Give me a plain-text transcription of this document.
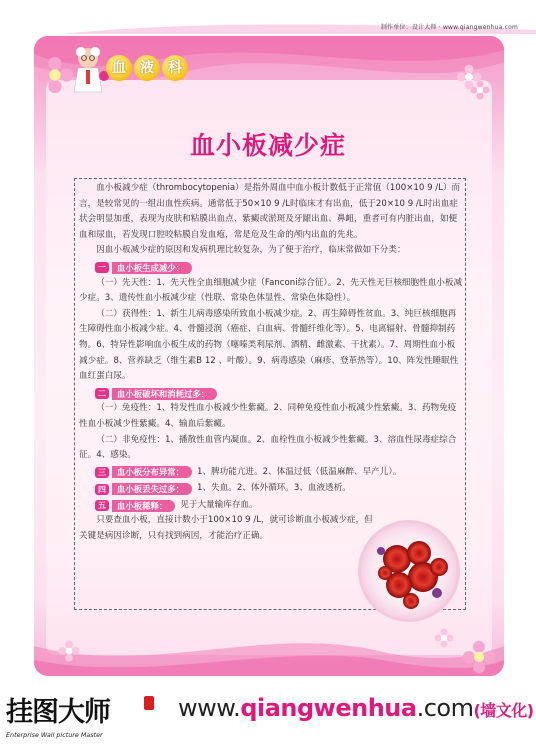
制作单位：设计大师 · www.qiangwenhua.com
血	液	科
血小板减少症

血小板减少症（thrombocytopenia）是指外周血中血小板计数低于正常值（100×10 9 /L）而言，是较常见的一组出血性疾病。通常低于50×10 9 /L时临床才有出血，低于20×10 9 /L时出血症状会明显加重，表现为皮肤和粘膜出血点、紫癜或淤斑及牙龈出血、鼻衄，重者可有内脏出血，如便血和尿血，若发现口腔咬粘膜自发血疱，常是危及生命的颅内出血的先兆。

因血小板减少症的原因和发病机理比较复杂，为了便于治疗，临床常做如下分类：

一	血小板生成减少：

（一）先天性：1、先天性全血细胞减少症（Fanconi综合征）。2、先天性无巨核细胞性血小板减少症。3、遗传性血小板减少症（性联、常染色体显性、常染色体隐性）。

（二）获得性：1、新生儿病毒感染所致血小板减少症。2、再生障碍性贫血。3、纯巨核细胞再生障碍性血小板减少症。4、骨髓浸润（癌症、白血病、骨髓纤维化等）。5、电离辐射、骨髓抑制药物。6、特异性影响血小板生成的药物（噻嗪类利尿剂、酒精、雌激素、干扰素）。7、周期性血小板减少症。8、营养缺乏（维生素B 12 、叶酸）。9、病毒感染（麻疹、登革热等）。10、阵发性睡眠性血红蛋白尿。

二	血小板破坏和消耗过多：

（一）免疫性：1、特发性血小板减少性紫癜。2、同种免疫性血小板减少性紫癜。3、药物免疫性血小板减少性紫癜。4、输血后紫癜。

（二）非免疫性：1、播散性血管内凝血。2、血栓性血小板减少性紫癜。3、溶血性尿毒症综合征。4、感染。

三	血小板分布异常：	1、脾功能亢进。2、体温过低（低温麻醉、早产儿）。
四	血小板丢失过多：	1、失血。2、体外循环。3、血液透析。
五	血小板稀释：	见于大量输库存血。

只要查血小板，直接计数小于100×10 9 /L，就可诊断血小板减少症，但关键是病因诊断，只有找到病因，才能治疗正确。

挂图大师
Enterprise Wall picture Master
www.qiangwenhua.com(墙文化)
